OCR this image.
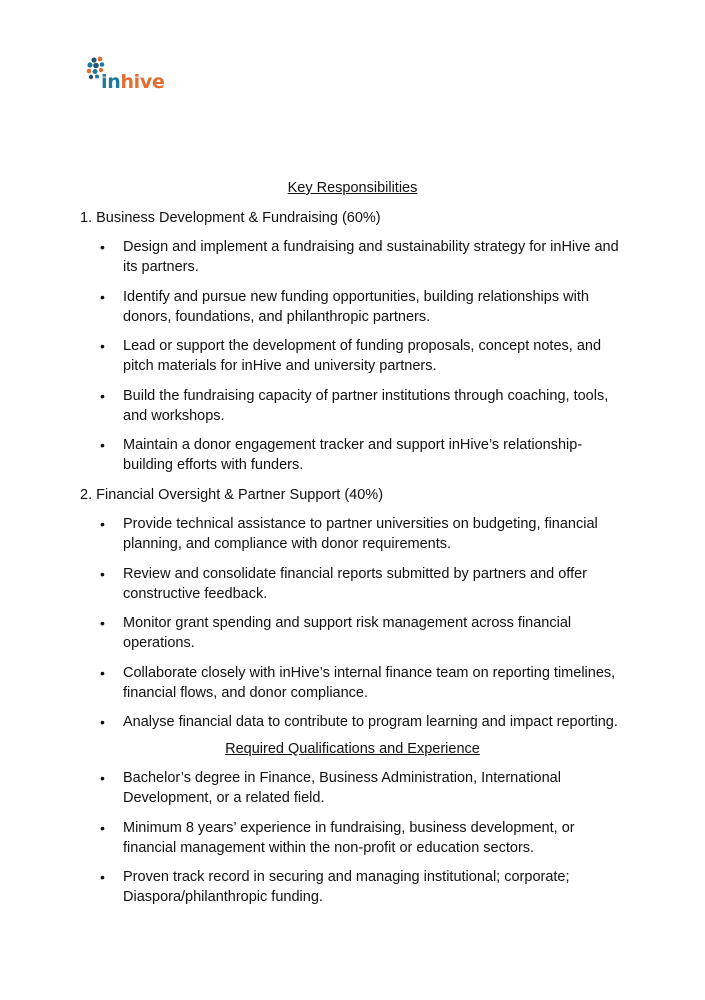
inhive
Key Responsibilities
1. Business Development & Fundraising (60%)
• Design and implement a fundraising and sustainability strategy for inHive and its partners.
• Identify and pursue new funding opportunities, building relationships with donors, foundations, and philanthropic partners.
• Lead or support the development of funding proposals, concept notes, and pitch materials for inHive and university partners.
• Build the fundraising capacity of partner institutions through coaching, tools, and workshops.
• Maintain a donor engagement tracker and support inHive’s relationship-building efforts with funders.
2. Financial Oversight & Partner Support (40%)
• Provide technical assistance to partner universities on budgeting, financial planning, and compliance with donor requirements.
• Review and consolidate financial reports submitted by partners and offer constructive feedback.
• Monitor grant spending and support risk management across financial operations.
• Collaborate closely with inHive’s internal finance team on reporting timelines, financial flows, and donor compliance.
• Analyse financial data to contribute to program learning and impact reporting.
Required Qualifications and Experience
• Bachelor’s degree in Finance, Business Administration, International Development, or a related field.
• Minimum 8 years’ experience in fundraising, business development, or financial management within the non-profit or education sectors.
• Proven track record in securing and managing institutional; corporate; Diaspora/philanthropic funding.
